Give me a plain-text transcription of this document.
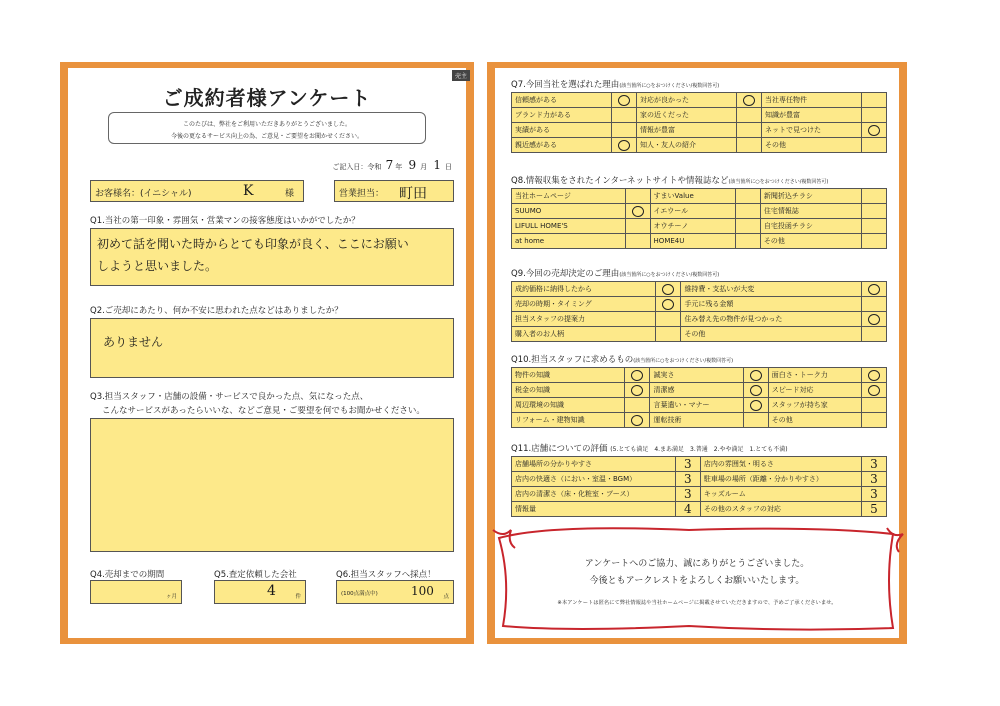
売主
ご成約者様アンケート
このたびは、弊社をご利用いただきありがとうございました。
今後の更なるサービス向上の為、ご意見・ご要望をお聞かせください。
ご記入日：令和 7 年 9 月 1 日
お客様名：(イニシャル)	K	様	営業担当： 町田
Q1.当社の第一印象・雰囲気・営業マンの接客態度はいかがでしたか？
初めて話を聞いた時からとても印象が良く、ここにお願い
しようと思いました。
Q2.ご売却にあたり、何か不安に思われた点などはありましたか？
ありません
Q3.担当スタッフ・店舗の設備・サービスで良かった点、気になった点、
こんなサービスがあったらいいな、などご意見・ご要望を何でもお聞かせください。
Q4.売却までの期間
ヶ月
Q5.査定依頼した会社
4	件
Q6.担当スタッフへ採点！
(100点満点中)	100 点
Q7.今回当社を選ばれた理由(該当箇所に○をおつけください/複数回答可)
信頼感がある		対応が良かった		当社専任物件	
ブランド力がある		家の近くだった		知識が豊富	
実績がある		情報が豊富		ネットで見つけた	
親近感がある		知人・友人の紹介		その他	
Q8.情報収集をされたインターネットサイトや情報誌など(該当箇所に○をおつけください/複数回答可)
当社ホームページ		すまいValue		新聞折込チラシ	
SUUMO		イエウール		住宅情報誌	
LIFULL HOME'S		オウチーノ		自宅投函チラシ	
at home		HOME4U		その他	
Q9.今回の売却決定のご理由(該当箇所に○をおつけください/複数回答可)
成約価格に納得したから		維持費・支払いが大変	
売却の時期・タイミング		手元に残る金額	
担当スタッフの提案力		住み替え先の物件が見つかった	
購入者のお人柄		その他	
Q10.担当スタッフに求めるもの(該当箇所に○をおつけください/複数回答可)
物件の知識		誠実さ		面白さ・トーク力	
税金の知識		清潔感		スピード対応	
周辺環境の知識		言葉遣い・マナー		スタッフが持ち家	
リフォーム・建物知識		運転技術		その他	
Q11.店舗についての評価 (5.とても満足　4.まあ満足　3.普通　2.やや満足　1.とても不満)
店舗場所の分かりやすさ	3	店内の雰囲気・明るさ	3
店内の快適さ（におい・室温・BGM）	3	駐車場の場所（距離・分かりやすさ）	3
店内の清潔さ（床・化粧室・ブース）	3	キッズルーム	3
情報量	4	その他のスタッフの対応	5
アンケートへのご協力、誠にありがとうございました。
今後ともアークレストをよろしくお願いいたします。
※本アンケートは匿名にて弊社情報誌や当社ホームページに掲載させていただきますので、予めご了承くださいませ。
